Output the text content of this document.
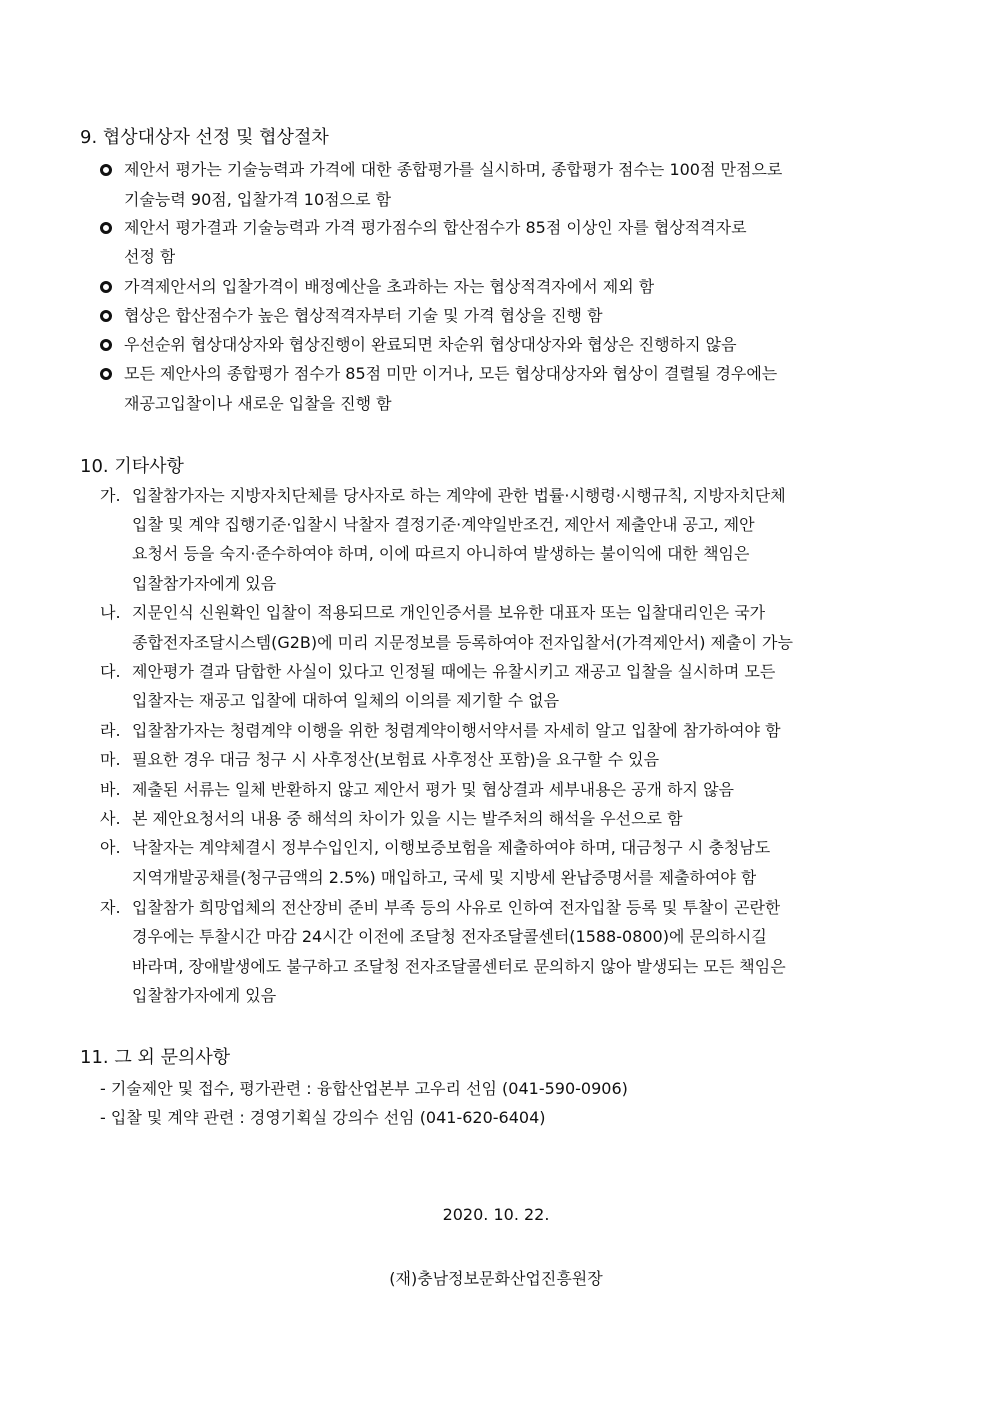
9. 협상대상자 선정 및 협상절차
제안서 평가는 기술능력과 가격에 대한 종합평가를 실시하며, 종합평가 점수는 100점 만점으로
기술능력 90점, 입찰가격 10점으로 함
제안서 평가결과 기술능력과 가격 평가점수의 합산점수가 85점 이상인 자를 협상적격자로
선정 함
가격제안서의 입찰가격이 배정예산을 초과하는 자는 협상적격자에서 제외 함
협상은 합산점수가 높은 협상적격자부터 기술 및 가격 협상을 진행 함
우선순위 협상대상자와 협상진행이 완료되면 차순위 협상대상자와 협상은 진행하지 않음
모든 제안사의 종합평가 점수가 85점 미만 이거나, 모든 협상대상자와 협상이 결렬될 경우에는
재공고입찰이나 새로운 입찰을 진행 함
10. 기타사항
가. 입찰참가자는 지방자치단체를 당사자로 하는 계약에 관한 법률·시행령·시행규칙, 지방자치단체
입찰 및 계약 집행기준·입찰시 낙찰자 결정기준·계약일반조건, 제안서 제출안내 공고, 제안
요청서 등을 숙지·준수하여야 하며, 이에 따르지 아니하여 발생하는 불이익에 대한 책임은
입찰참가자에게 있음
나. 지문인식 신원확인 입찰이 적용되므로 개인인증서를 보유한 대표자 또는 입찰대리인은 국가
종합전자조달시스템(G2B)에 미리 지문정보를 등록하여야 전자입찰서(가격제안서) 제출이 가능
다. 제안평가 결과 담합한 사실이 있다고 인정될 때에는 유찰시키고 재공고 입찰을 실시하며 모든
입찰자는 재공고 입찰에 대하여 일체의 이의를 제기할 수 없음
라. 입찰참가자는 청렴계약 이행을 위한 청렴계약이행서약서를 자세히 알고 입찰에 참가하여야 함
마. 필요한 경우 대금 청구 시 사후정산(보험료 사후정산 포함)을 요구할 수 있음
바. 제출된 서류는 일체 반환하지 않고 제안서 평가 및 협상결과 세부내용은 공개 하지 않음
사. 본 제안요청서의 내용 중 해석의 차이가 있을 시는 발주처의 해석을 우선으로 함
아. 낙찰자는 계약체결시 정부수입인지, 이행보증보험을 제출하여야 하며, 대금청구 시 충청남도
지역개발공채를(청구금액의 2.5%) 매입하고, 국세 및 지방세 완납증명서를 제출하여야 함
자. 입찰참가 희망업체의 전산장비 준비 부족 등의 사유로 인하여 전자입찰 등록 및 투찰이 곤란한
경우에는 투찰시간 마감 24시간 이전에 조달청 전자조달콜센터(1588-0800)에 문의하시길
바라며, 장애발생에도 불구하고 조달청 전자조달콜센터로 문의하지 않아 발생되는 모든 책임은
입찰참가자에게 있음
11. 그 외 문의사항
- 기술제안 및 접수, 평가관련 : 융합산업본부 고우리 선임 (041-590-0906)
- 입찰 및 계약 관련 : 경영기획실 강의수 선임 (041-620-6404)
2020. 10. 22.
(재)충남정보문화산업진흥원장
